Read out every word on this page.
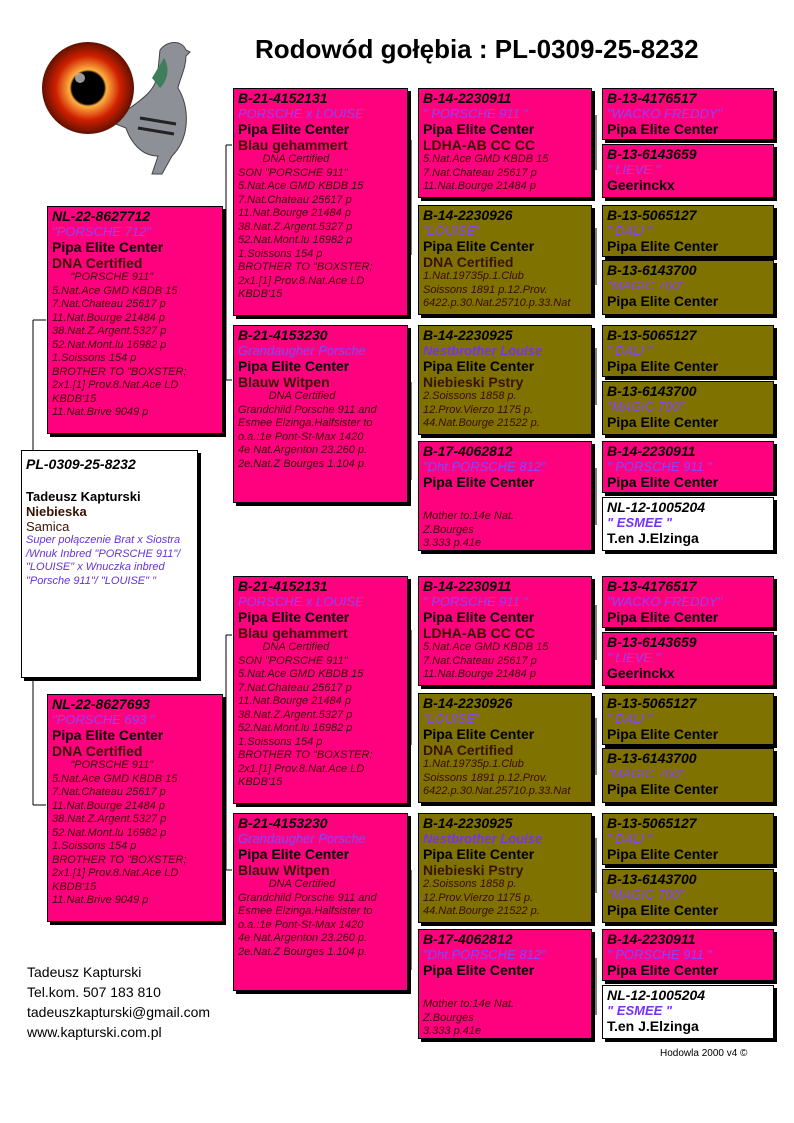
Rodowód gołębia : PL-0309-25-8232
PL-0309-25-8232
Tadeusz Kapturski
Niebieska
Samica
Super połączenie Brat x Siostra /Wnuk Inbred "PORSCHE 911"/ "LOUISE" x Wnuczka inbred "Porsche 911"/ "LOUISE" "
NL-22-8627712
"PORSCHE 712"
Pipa Elite Center
DNA Certified
"PORSCHE 911"
5.Nat.Ace GMD KBDB 15
7.Nat.Chateau 25617 p
11.Nat.Bourge 21484 p
38.Nat.Z.Argent.5327 p
52.Nat.Mont.lu 16982 p
1.Soissons 154 p
BROTHER TO "BOXSTER;
2x1.[1] Prov.8.Nat.Ace LD
KBDB'15
11.Nat.Brive 9049 p
NL-22-8627693
"PORSCHE 693 "
Pipa Elite Center
DNA Certified
"PORSCHE 911"
5.Nat.Ace GMD KBDB 15
7.Nat.Chateau 25617 p
11.Nat.Bourge 21484 p
38.Nat.Z.Argent.5327 p
52.Nat.Mont.lu 16982 p
1.Soissons 154 p
BROTHER TO "BOXSTER;
2x1.[1] Prov.8.Nat.Ace LD
KBDB'15
11.Nat.Brive 9049 p
B-21-4152131
PORSCHE x LOUISE
Pipa Elite Center
Blau gehammert
DNA Certified
SON "PORSCHE 911"
5.Nat.Ace GMD KBDB 15
7.Nat.Chateau 25617 p
11.Nat.Bourge 21484 p
38.Nat.Z.Argent.5327 p
52.Nat.Mont.lu 16982 p
1.Soissons 154 p
BROTHER TO "BOXSTER;
2x1.[1] Prov.8.Nat.Ace LD
KBDB'15
B-21-4153230
Grandaugher Porsche
Pipa Elite Center
Blauw Witpen
DNA Certified
Grandchild Porsche 911 and
Esmee Elzinga.Halfsister to
o.a.:1e Pont-St-Max 1420
4e Nat.Argenton 23.260 p.
2e.Nat.Z Bourges 1.104 p.
B-21-4152131
PORSCHE x LOUISE
Pipa Elite Center
Blau gehammert
DNA Certified
SON "PORSCHE 911"
5.Nat.Ace GMD KBDB 15
7.Nat.Chateau 25617 p
11.Nat.Bourge 21484 p
38.Nat.Z.Argent.5327 p
52.Nat.Mont.lu 16982 p
1.Soissons 154 p
BROTHER TO "BOXSTER;
2x1.[1] Prov.8.Nat.Ace LD
KBDB'15
B-21-4153230
Grandaugher Porsche
Pipa Elite Center
Blauw Witpen
DNA Certified
Grandchild Porsche 911 and
Esmee Elzinga.Halfsister to
o.a.:1e Pont-St-Max 1420
4e Nat.Argenton 23.260 p.
2e.Nat.Z Bourges 1.104 p.
B-14-2230911
" PORSCHE 911 "
Pipa Elite Center
LDHA-AB CC CC
5.Nat.Ace GMD KBDB 15
7.Nat.Chateau 25617 p
11.Nat.Bourge 21484 p
B-14-2230926
"LOUISE"
Pipa Elite Center
DNA Certified
1.Nat.19735p.1.Club
Soissons 1891 p.12.Prov.
6422.p.30.Nat.25710.p.33.Nat
B-14-2230925
Nestbrother Louise
Pipa Elite Center
Niebieski Pstry
2.Soissons 1858 p.
12.Prov.Vierzo 1175 p.
44.Nat.Bourge 21522 p.
B-17-4062812
"Dht.PORSCHE 812"
Pipa Elite Center
Mother to:14e Nat.
Z.Bourges
3.333 p.41e
B-14-2230911
" PORSCHE 911 "
Pipa Elite Center
LDHA-AB CC CC
5.Nat.Ace GMD KBDB 15
7.Nat.Chateau 25617 p
11.Nat.Bourge 21484 p
B-14-2230926
"LOUISE"
Pipa Elite Center
DNA Certified
1.Nat.19735p.1.Club
Soissons 1891 p.12.Prov.
6422.p.30.Nat.25710.p.33.Nat
B-14-2230925
Nestbrother Louise
Pipa Elite Center
Niebieski Pstry
2.Soissons 1858 p.
12.Prov.Vierzo 1175 p.
44.Nat.Bourge 21522 p.
B-17-4062812
"Dht.PORSCHE 812"
Pipa Elite Center
Mother to:14e Nat.
Z.Bourges
3.333 p.41e
B-13-4176517
"WACKO FREDDY"
Pipa Elite Center
B-13-6143659
" LIEVE "
Geerinckx
B-13-5065127
" DALI "
Pipa Elite Center
B-13-6143700
"MAGIC 700"
Pipa Elite Center
B-13-5065127
" DALI "
Pipa Elite Center
B-13-6143700
"MAGIC 700"
Pipa Elite Center
B-14-2230911
" PORSCHE 911 "
Pipa Elite Center
NL-12-1005204
" ESMEE "
T.en J.Elzinga
B-13-4176517
"WACKO FREDDY"
Pipa Elite Center
B-13-6143659
" LIEVE "
Geerinckx
B-13-5065127
" DALI "
Pipa Elite Center
B-13-6143700
"MAGIC 700"
Pipa Elite Center
B-13-5065127
" DALI "
Pipa Elite Center
B-13-6143700
"MAGIC 700"
Pipa Elite Center
B-14-2230911
" PORSCHE 911 "
Pipa Elite Center
NL-12-1005204
" ESMEE "
T.en J.Elzinga
Tadeusz Kapturski
Tel.kom. 507 183 810
tadeuszkapturski@gmail.com
www.kapturski.com.pl
Hodowla 2000 v4 ©
